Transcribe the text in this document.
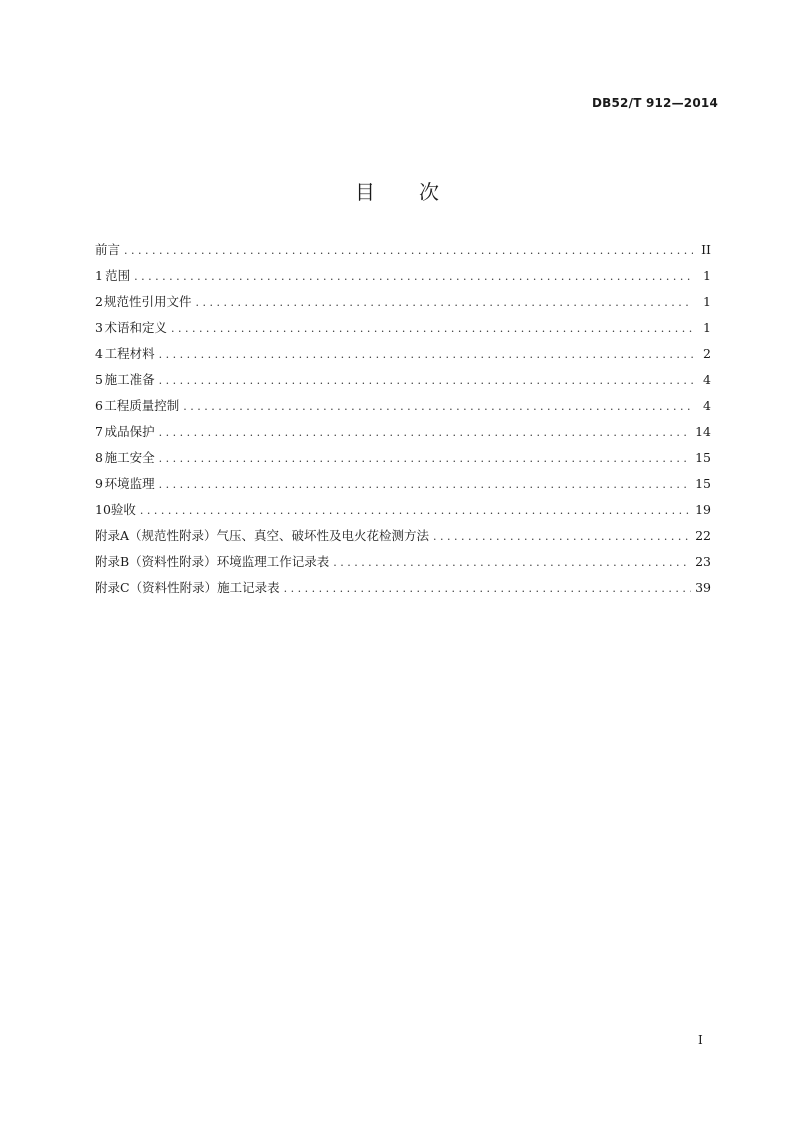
DB52/T 912—2014
目 次
前言 .....	II
1 范围 .....	1
2 规范性引用文件 .....	1
3 术语和定义 .....	1
4 工程材料 .....	2
5 施工准备 .....	4
6 工程质量控制 .....	4
7 成品保护 .....	14
8 施工安全 .....	15
9 环境监理 .....	15
10 验收 .....	19
附录A（规范性附录） 气压、真空、破坏性及电火花检测方法 .....	22
附录B（资料性附录） 环境监理工作记录表 .....	23
附录C（资料性附录） 施工记录表 .....	39
I
